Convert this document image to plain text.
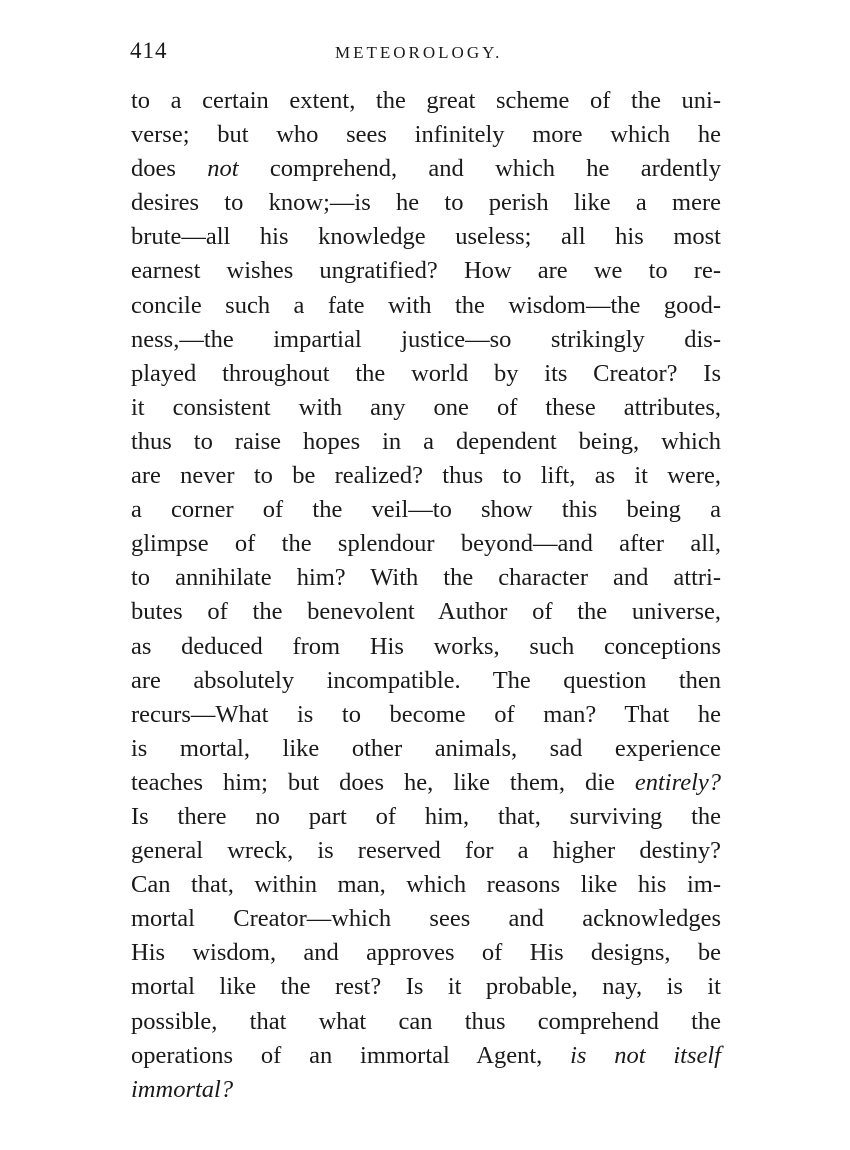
414	METEOROLOGY.
to a certain extent, the great scheme of the uni-
verse; but who sees infinitely more which he
does not comprehend, and which he ardently
desires to know;—is he to perish like a mere
brute—all his knowledge useless; all his most
earnest wishes ungratified? How are we to re-
concile such a fate with the wisdom—the good-
ness,—the impartial justice—so strikingly dis-
played throughout the world by its Creator? Is
it consistent with any one of these attributes,
thus to raise hopes in a dependent being, which
are never to be realized? thus to lift, as it were,
a corner of the veil—to show this being a
glimpse of the splendour beyond—and after all,
to annihilate him? With the character and attri-
butes of the benevolent Author of the universe,
as deduced from His works, such conceptions
are absolutely incompatible. The question then
recurs—What is to become of man? That he
is mortal, like other animals, sad experience
teaches him; but does he, like them, die entirely?
Is there no part of him, that, surviving the
general wreck, is reserved for a higher destiny?
Can that, within man, which reasons like his im-
mortal Creator—which sees and acknowledges
His wisdom, and approves of His designs, be
mortal like the rest? Is it probable, nay, is it
possible, that what can thus comprehend the
operations of an immortal Agent, is not itself
immortal?
